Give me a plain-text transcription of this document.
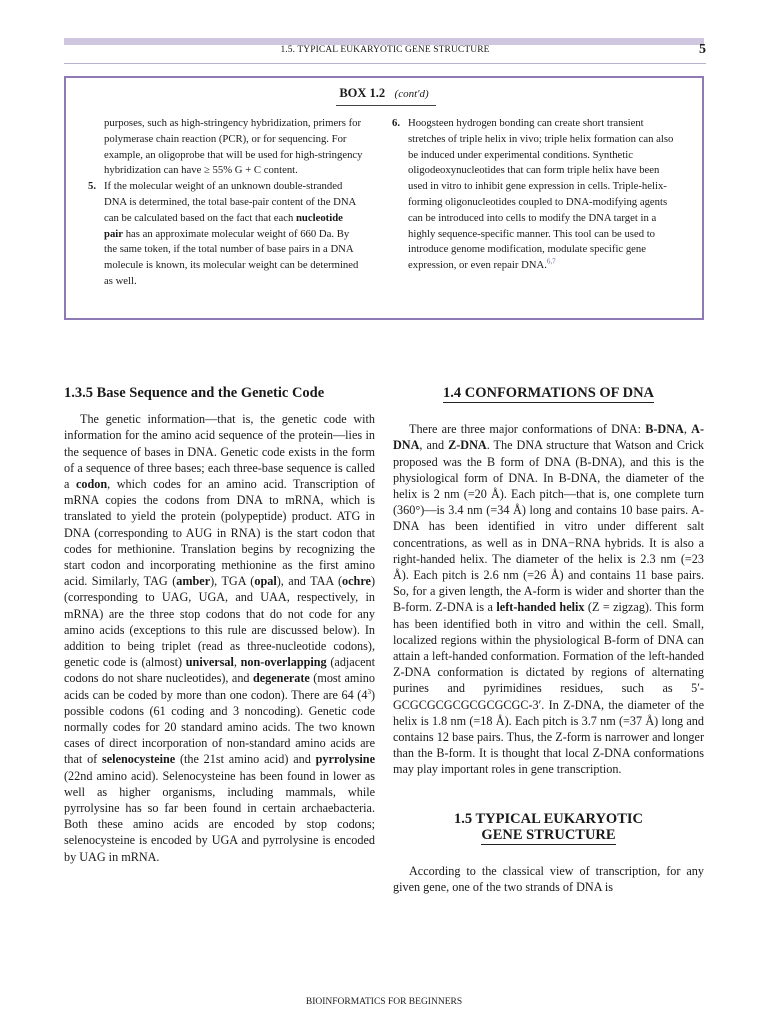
1.5. TYPICAL EUKARYOTIC GENE STRUCTURE	5
BOX 1.2 (cont'd)

purposes, such as high-stringency hybridization, primers for polymerase chain reaction (PCR), or for sequencing. For example, an oligoprobe that will be used for high-stringency hybridization can have ≥ 55% G + C content.

5. If the molecular weight of an unknown double-stranded DNA is determined, the total base-pair content of the DNA can be calculated based on the fact that each nucleotide pair has an approximate molecular weight of 660 Da. By the same token, if the total number of base pairs in a DNA molecule is known, its molecular weight can be determined as well.

6. Hoogsteen hydrogen bonding can create short transient stretches of triple helix in vivo; triple helix formation can also be induced under experimental conditions. Synthetic oligodeoxynucleotides that can form triple helix have been used in vitro to inhibit gene expression in cells. Triple-helix-forming oligonucleotides coupled to DNA-modifying agents can be introduced into cells to modify the DNA target in a highly sequence-specific manner. This tool can be used to introduce genome modification, modulate specific gene expression, or even repair DNA.$^{6,7}$

1.3.5 Base Sequence and the Genetic Code

The genetic information—that is, the genetic code with information for the amino acid sequence of the protein—lies in the sequence of bases in DNA. Genetic code exists in the form of a sequence of three bases; each three-base sequence is called a codon, which codes for an amino acid. Transcription of mRNA copies the codons from DNA to mRNA, which is translated to yield the protein (polypeptide) product. ATG in DNA (corresponding to AUG in RNA) is the start codon that codes for methionine. Translation begins by recognizing the start codon and incorporating methionine as the first amino acid. Similarly, TAG (amber), TGA (opal), and TAA (ochre) (corresponding to UAG, UGA, and UAA, respectively, in mRNA) are the three stop codons that do not code for any amino acids (exceptions to this rule are discussed below). In addition to being triplet (read as three-nucleotide codons), genetic code is (almost) universal, non-overlapping (adjacent codons do not share nucleotides), and degenerate (most amino acids can be coded by more than one codon). There are 64 $(4^3)$ possible codons (61 coding and 3 noncoding). Genetic code normally codes for 20 standard amino acids. The two known cases of direct incorporation of non-standard amino acids are that of selenocysteine (the 21st amino acid) and pyrrolysine (22nd amino acid). Selenocysteine has been found in lower as well as higher organisms, including mammals, while pyrrolysine has so far been found in certain archaebacteria. Both these amino acids are encoded by stop codons; selenocysteine is encoded by UGA and pyrrolysine is encoded by UAG in mRNA.

1.4 CONFORMATIONS OF DNA

There are three major conformations of DNA: B-DNA, A-DNA, and Z-DNA. The DNA structure that Watson and Crick proposed was the B form of DNA (B-DNA), and this is the physiological form of DNA. In B-DNA, the diameter of the helix is 2 nm (=20 Å). Each pitch—that is, one complete turn (360°)—is 3.4 nm (=34 Å) long and contains 10 base pairs. A-DNA has been identified in vitro under different salt concentrations, as well as in DNA−RNA hybrids. It is also a right-handed helix. The diameter of the helix is 2.3 nm (=23 Å). Each pitch is 2.6 nm (=26 Å) and contains 11 base pairs. So, for a given length, the A-form is wider and shorter than the B-form. Z-DNA is a left-handed helix (Z = zigzag). This form has been identified both in vitro and within the cell. Small, localized regions within the physiological B-form of DNA can attain a left-handed conformation. Formation of the left-handed Z-DNA conformation is dictated by regions of alternating purines and pyrimidines residues, such as 5′-GCGCGCGCGCGCGCGC-3′. In Z-DNA, the diameter of the helix is 1.8 nm (=18 Å). Each pitch is 3.7 nm (=37 Å) long and contains 12 base pairs. Thus, the Z-form is narrower and longer than the B-form. It is thought that local Z-DNA conformations may play important roles in gene transcription.

1.5 TYPICAL EUKARYOTIC
GENE STRUCTURE

According to the classical view of transcription, for any given gene, one of the two strands of DNA is

BIOINFORMATICS FOR BEGINNERS
